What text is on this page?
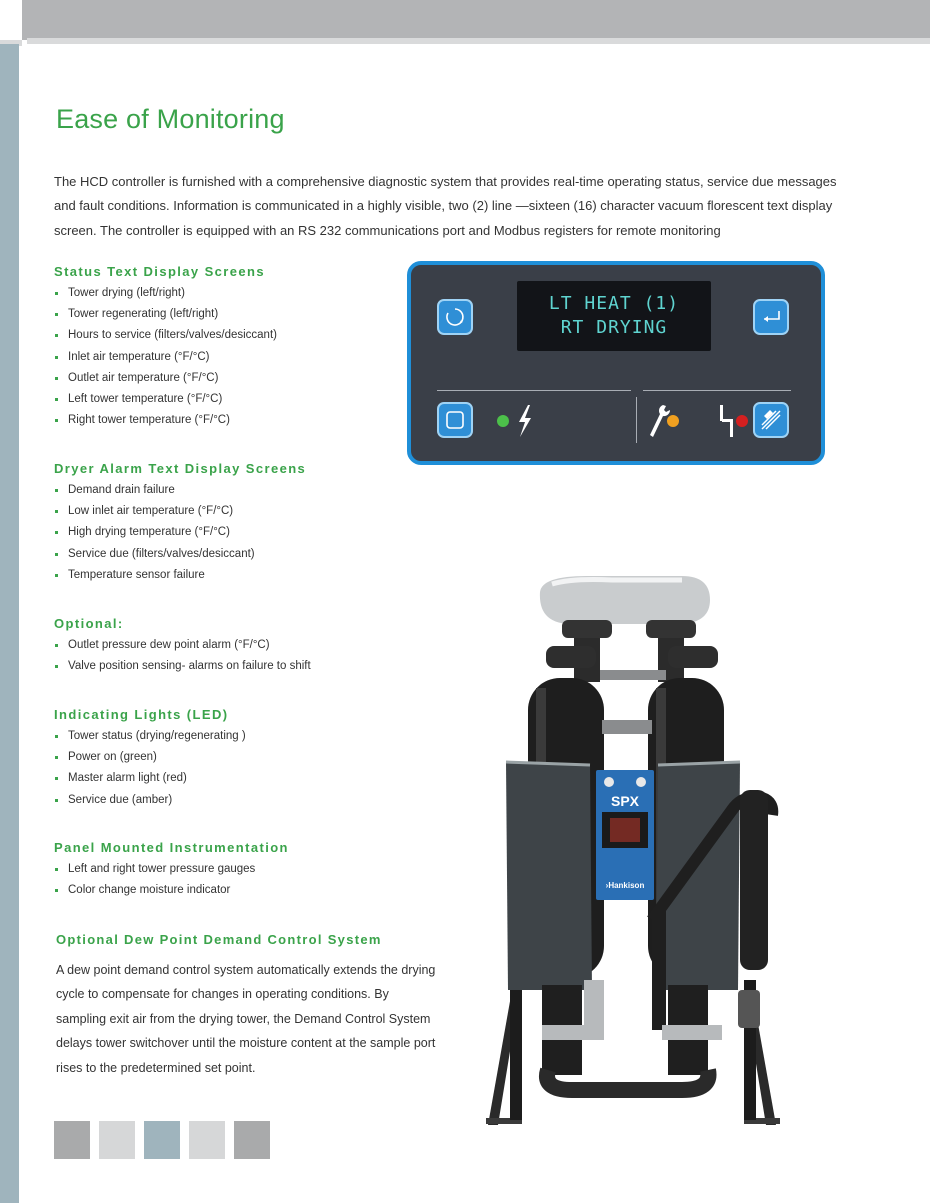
Ease of Monitoring

The HCD controller is furnished with a comprehensive diagnostic system that provides real-time operating status, service due messages and fault conditions. Information is communicated in a highly visible, two (2) line —sixteen (16) character vacuum florescent text display screen. The controller is equipped with an RS 232 communications port and Modbus registers for remote monitoring

Status Text Display Screens
Tower drying (left/right)
Tower regenerating (left/right)
Hours to service (filters/valves/desiccant)
Inlet air temperature (°F/°C)
Outlet air temperature (°F/°C)
Left tower temperature (°F/°C)
Right tower temperature (°F/°C)
Dryer Alarm Text Display Screens
Demand drain failure
Low inlet air temperature (°F/°C)
High drying temperature (°F/°C)
Service due (filters/valves/desiccant)
Temperature sensor failure
Optional:
Outlet pressure dew point alarm (°F/°C)
Valve position sensing- alarms on failure to shift
Indicating Lights (LED)
Tower status (drying/regenerating )
Power on (green)
Master alarm light (red)
Service due (amber)
Panel Mounted Instrumentation
Left and right tower pressure gauges
Color change moisture indicator
Optional Dew Point Demand Control System

A dew point demand control system automatically extends the drying cycle to compensate for changes in operating conditions. By sampling exit air from the drying tower, the Demand Control System delays tower switchover until the moisture content at the sample port rises to the predetermined set point.

LT HEAT (1)
RT DRYING
SPX
›Hankison
